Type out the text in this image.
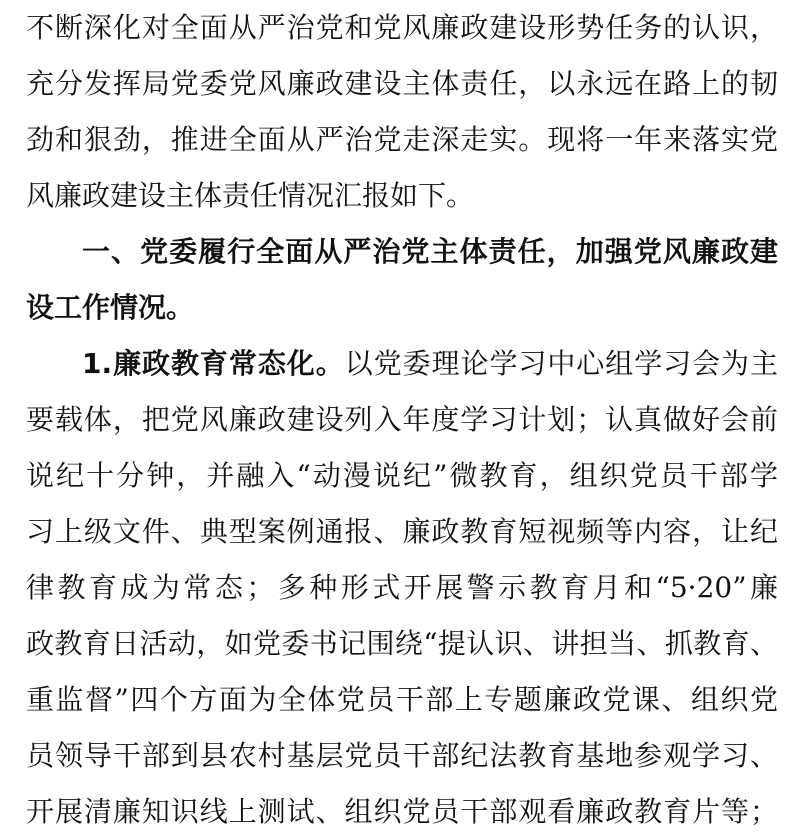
不断深化对全面从严治党和党风廉政建设形势任务的认识，
充分发挥局党委党风廉政建设主体责任，以永远在路上的韧
劲和狠劲，推进全面从严治党走深走实。现将一年来落实党
风廉政建设主体责任情况汇报如下。
一、党委履行全面从严治党主体责任，加强党风廉政建
设工作情况。
1.廉政教育常态化。以党委理论学习中心组学习会为主
要载体，把党风廉政建设列入年度学习计划；认真做好会前
说纪十分钟，并融入“动漫说纪”微教育，组织党员干部学
习上级文件、典型案例通报、廉政教育短视频等内容，让纪
律教育成为常态；多种形式开展警示教育月和“5·20”廉
政教育日活动，如党委书记围绕“提认识、讲担当、抓教育、
重监督”四个方面为全体党员干部上专题廉政党课、组织党
员领导干部到县农村基层党员干部纪法教育基地参观学习、
开展清廉知识线上测试、组织党员干部观看廉政教育片等；
